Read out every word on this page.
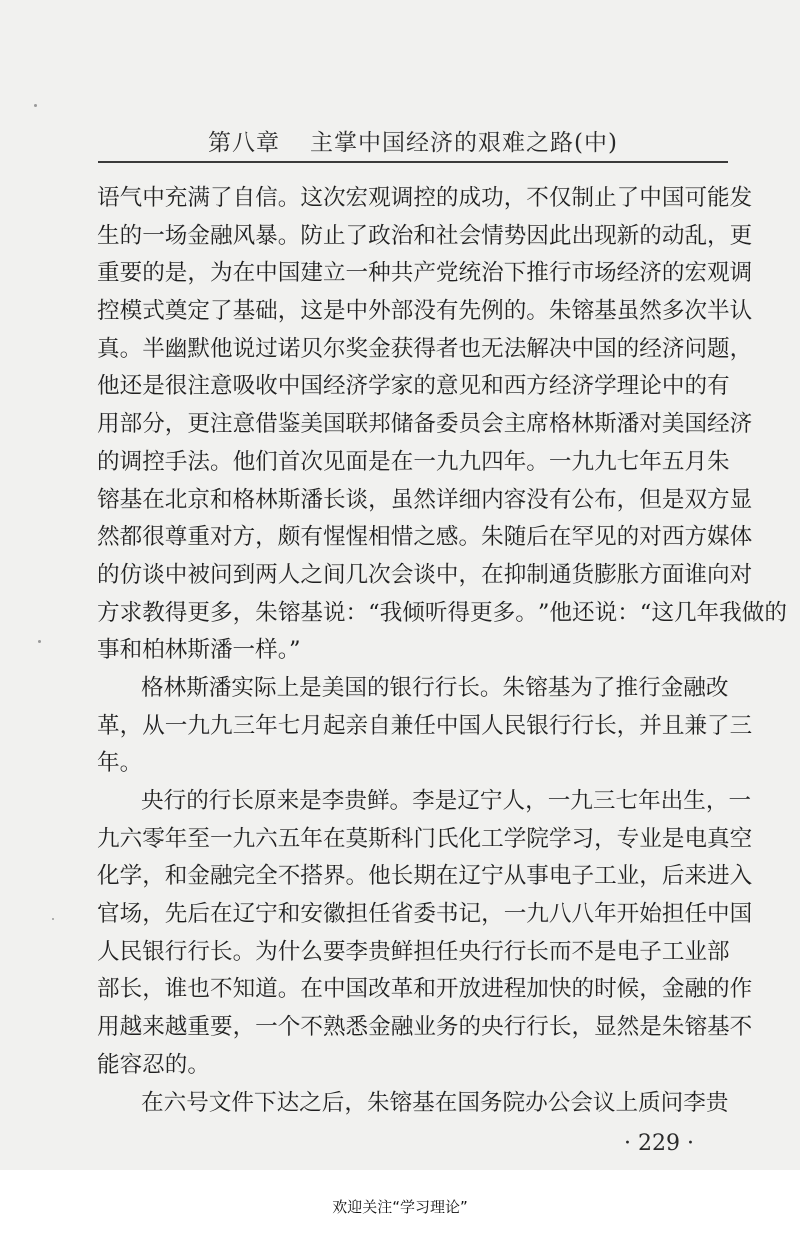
第八章 主掌中国经济的艰难之路(中)
语 气 中 充 满 了 自 信 。 这 次 宏 观 调 控 的 成 功 ， 不 仅 制 止 了 中 国 可 能 发
生 的 一 场 金 融 风 暴 。 防 止 了 政 治 和 社 会 情 势 因 此 出 现 新 的 动 乱 ， 更
重 要 的 是 ， 为 在 中 国 建 立 一 种 共 产 党 统 治 下 推 行 市 场 经 济 的 宏 观 调
控 模 式 奠 定 了 基 础 ， 这 是 中 外 部 没 有 先 例 的 。 朱 镕 基 虽 然 多 次 半 认
真 。 半 幽 默 他 说 过 诺 贝 尔 奖 金 获 得 者 也 无 法 解 决 中 国 的 经 济 问 题 ，
他 还 是 很 注 意 吸 收 中 国 经 济 学 家 的 意 见 和 西 方 经 济 学 理 论 中 的 有
用 部 分 ， 更 注 意 借 鉴 美 国 联 邦 储 备 委 员 会 主 席 格 林 斯 潘 对 美 国 经 济
的 调 控 手 法 。 他 们 首 次 见 面 是 在 一 九 九 四 年 。 一 九 九 七 年 五 月 朱
镕 基 在 北 京 和 格 林 斯 潘 长 谈 ， 虽 然 详 细 内 容 没 有 公 布 ， 但 是 双 方 显
然 都 很 尊 重 对 方 ， 颇 有 惺 惺 相 惜 之 感 。 朱 随 后 在 罕 见 的 对 西 方 媒 体
的 仿 谈 中 被 问 到 两 人 之 间 几 次 会 谈 中 ， 在 抑 制 通 货 膨 胀 方 面 谁 向 对
方 求 教 得 更 多 ， 朱 镕 基 说 ： “ 我 倾 听 得 更 多 。 ” 他 还 说 ： “ 这 几 年 我 做 的
事和柏林斯潘一样。”
格 林 斯 潘 实 际 上 是 美 国 的 银 行 行 长 。 朱 镕 基 为 了 推 行 金 融 改
革 ， 从 一 九 九 三 年 七 月 起 亲 自 兼 任 中 国 人 民 银 行 行 长 ， 并 且 兼 了 三
年。
央 行 的 行 长 原 来 是 李 贵 鲜 。 李 是 辽 宁 人 ， 一 九 三 七 年 出 生 ， 一
九 六 零 年 至 一 九 六 五 年 在 莫 斯 科 门 氏 化 工 学 院 学 习 ， 专 业 是 电 真 空
化 学 ， 和 金 融 完 全 不 搭 界 。 他 长 期 在 辽 宁 从 事 电 子 工 业 ， 后 来 进 入
官 场 ， 先 后 在 辽 宁 和 安 徽 担 任 省 委 书 记 ， 一 九 八 八 年 开 始 担 任 中 国
人 民 银 行 行 长 。 为 什 么 要 李 贵 鲜 担 任 央 行 行 长 而 不 是 电 子 工 业 部
部 长 ， 谁 也 不 知 道 。 在 中 国 改 革 和 开 放 进 程 加 快 的 时 候 ， 金 融 的 作
用 越 来 越 重 要 ， 一 个 不 熟 悉 金 融 业 务 的 央 行 行 长 ， 显 然 是 朱 镕 基 不
能容忍的。
在 六 号 文 件 下 达 之 后 ， 朱 镕 基 在 国 务 院 办 公 会 议 上 质 问 李 贵
· 229 ·
欢迎关注“学习理论”
